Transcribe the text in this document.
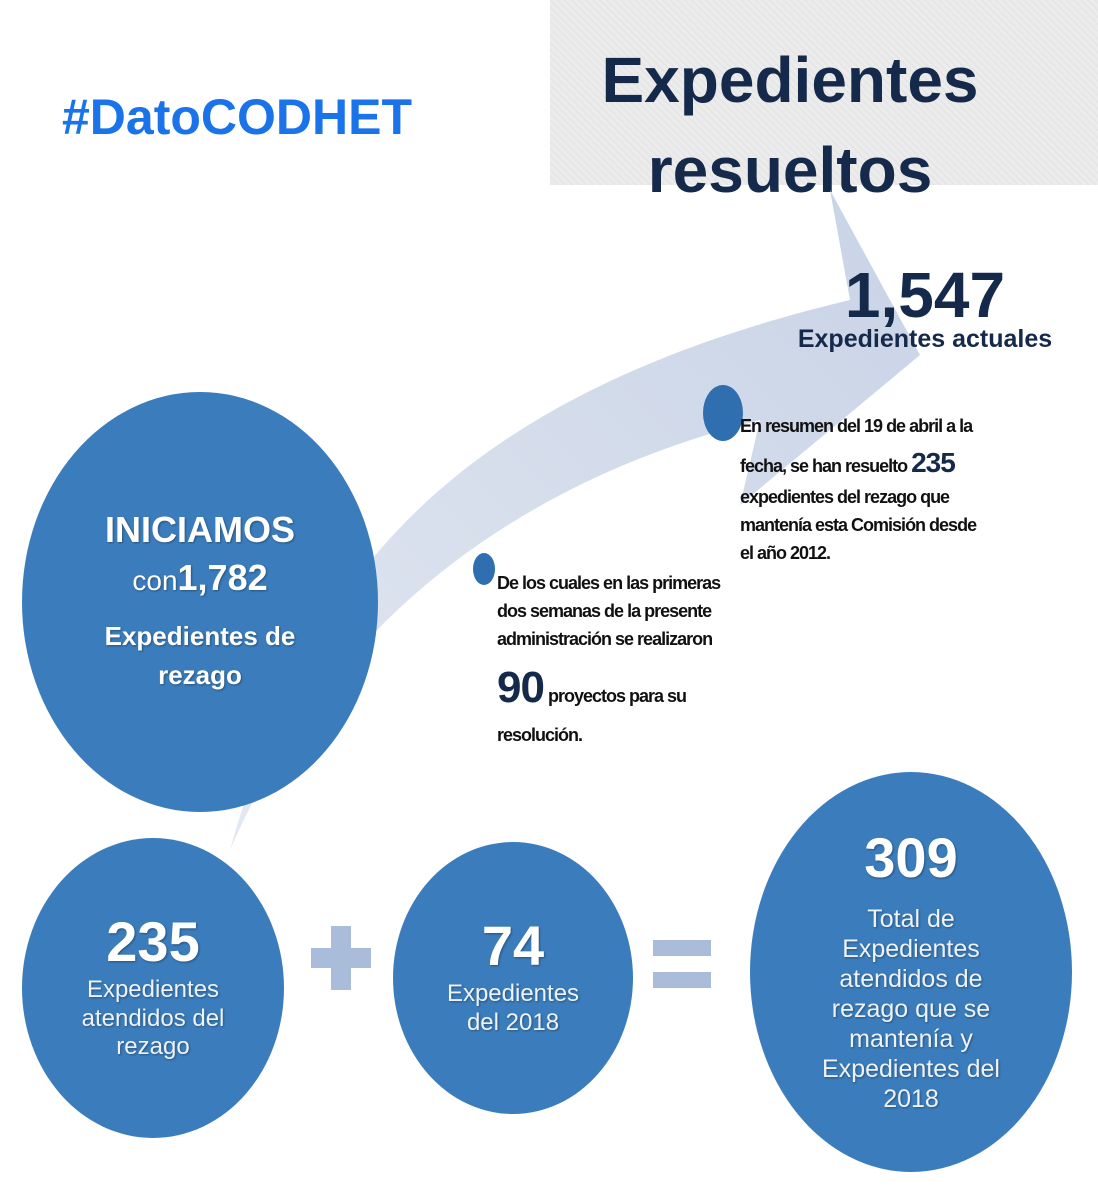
#DatoCODHET
Expedientes
resueltos
1,547
Expedientes actuales
INICIAMOS
con1,782
Expedientes de
rezago
En resumen del 19 de abril a la fecha, se han resuelto 235 expedientes del rezago que mantenía esta Comisión desde el año 2012.
De los cuales en las primeras dos semanas de la presente administración se realizaron 90 proyectos para su resolución.
235
Expedientes atendidos del rezago
74
Expedientes del 2018
309
Total de Expedientes atendidos de rezago que se mantenía y Expedientes del 2018
